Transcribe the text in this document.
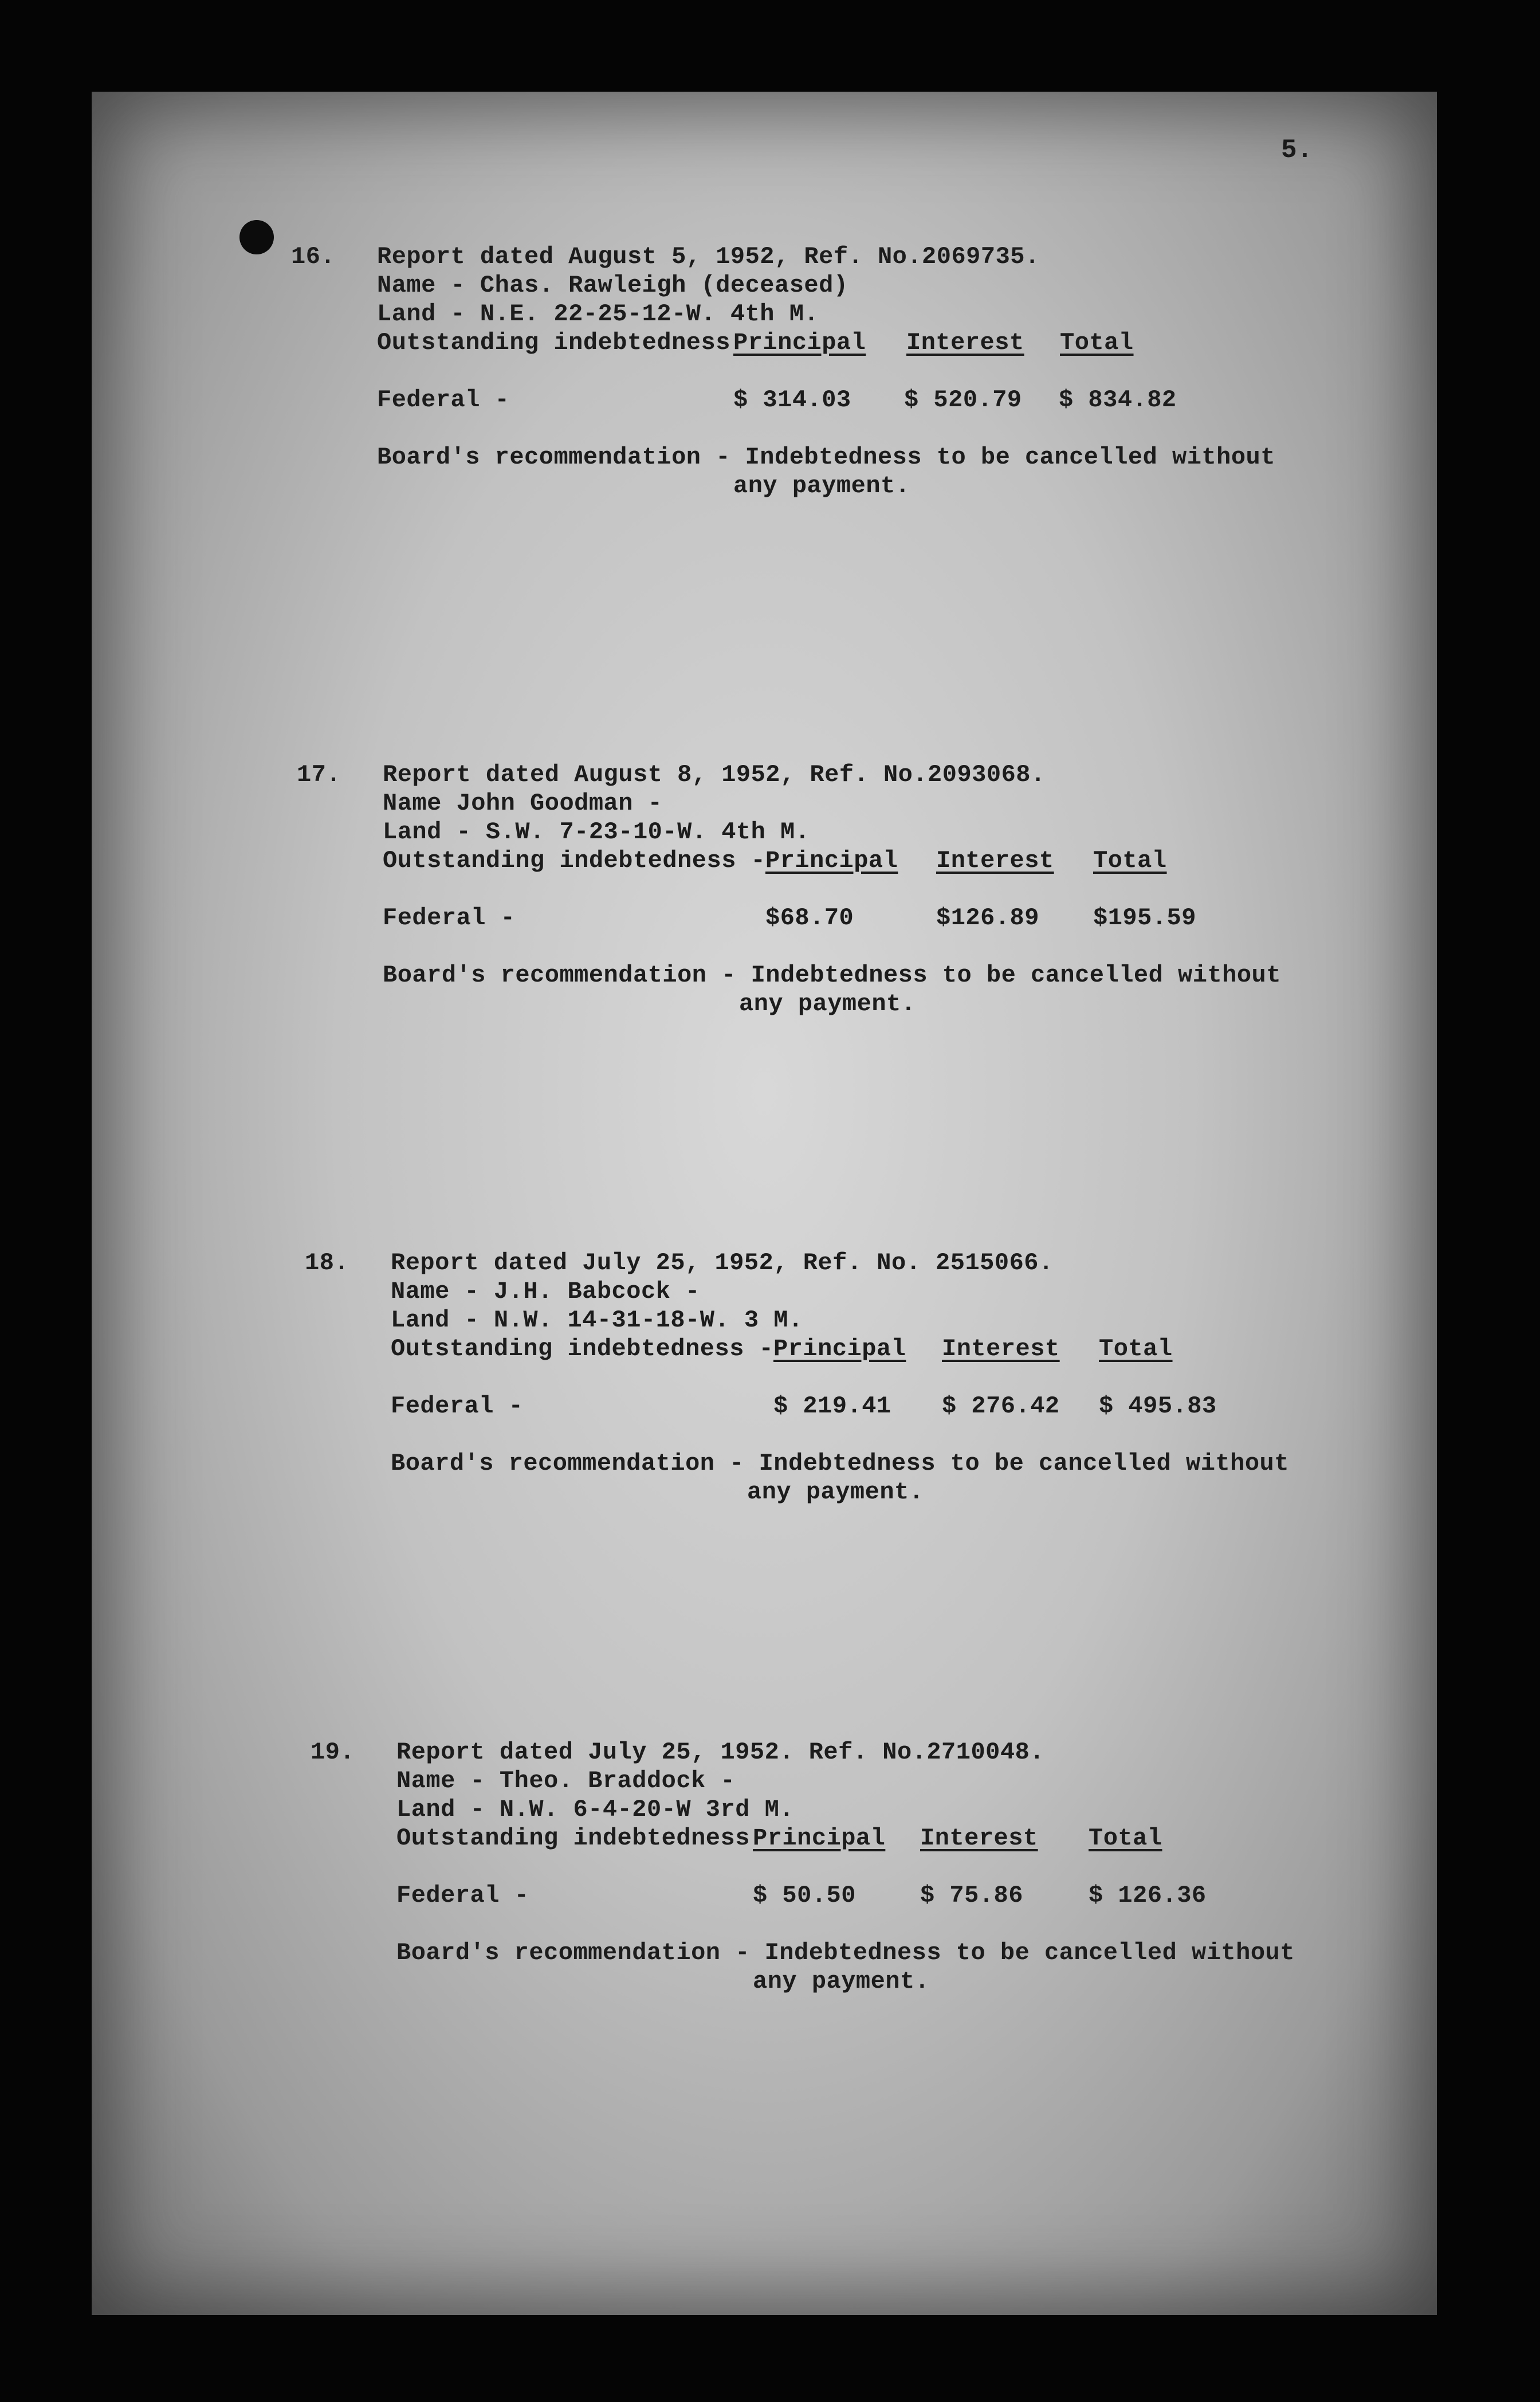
5.
16. Report dated August 5, 1952, Ref. No.2069735.
Name - Chas. Rawleigh (deceased)
Land - N.E. 22-25-12-W. 4th M.
Outstanding indebtedness Principal Interest Total
Federal -	$ 314.03 $ 520.79 $ 834.82
Board's recommendation - Indebtedness to be cancelled without
any payment.
17. Report dated August 8, 1952, Ref. No.2093068.
Name John Goodman -
Land - S.W. 7-23-10-W. 4th M.
Outstanding indebtedness - Principal Interest Total
Federal -	$68.70	$126.89 $195.59
Board's recommendation - Indebtedness to be cancelled without
any payment.
18. Report dated July 25, 1952, Ref. No. 2515066.
Name - J.H. Babcock -
Land - N.W. 14-31-18-W. 3 M.
Outstanding indebtedness - Principal Interest Total
Federal -	$ 219.41 $ 276.42 $ 495.83
Board's recommendation - Indebtedness to be cancelled without
any payment.
19. Report dated July 25, 1952. Ref. No.2710048.
Name - Theo. Braddock -
Land - N.W. 6-4-20-W 3rd M.
Outstanding indebtedness Principal Interest Total
Federal -	$ 50.50	$ 75.86	$ 126.36
Board's recommendation - Indebtedness to be cancelled without
any payment.
